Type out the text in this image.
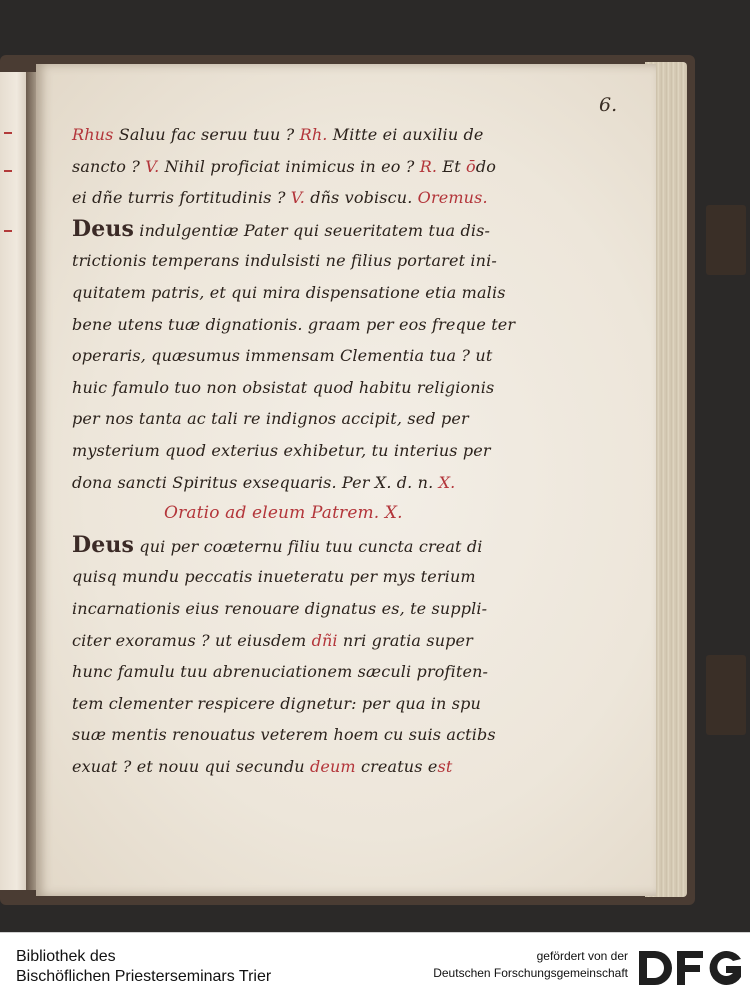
6.
Rhus Saluu fac seruu tuu ? Rh. Mitte ei auxiliu de
sancto ? V. Nihil proficiat inimicus in eo ? R. Et ōdo
ei dñe turris fortitudinis ? V. dñs vobiscu. Oremus.
Deus indulgentiæ Pater qui seueritatem tua dis-
trictionis temperans indulsisti ne filius portaret ini-
quitatem patris, et qui mira dispensatione etia malis
bene utens tuæ dignationis. graam per eos freque ter
operaris, quæsumus immensam Clementia tua ? ut
huic famulo tuo non obsistat quod habitu religionis
per nos tanta ac tali re indignos accipit, sed per
mysterium quod exterius exhibetur, tu interius per
dona sancti Spiritus exsequaris. Per X. d. n. X.
Oratio ad eleum Patrem. X.
Deus qui per coæternu filiu tuu cuncta creat di
quisq mundu peccatis inueteratu per mys terium
incarnationis eius renouare dignatus es, te suppli-
citer exoramus ? ut eiusdem dñi nri gratia super
hunc famulu tuu abrenuciationem sæculi profiten-
tem clementer respicere dignetur: per qua in spu
suæ mentis renouatus veterem hoem cu suis actibs
exuat ? et nouu qui secundu deum creatus est
Bibliothek des
Bischöflichen Priesterseminars Trier
gefördert von der
Deutschen Forschungsgemeinschaft
